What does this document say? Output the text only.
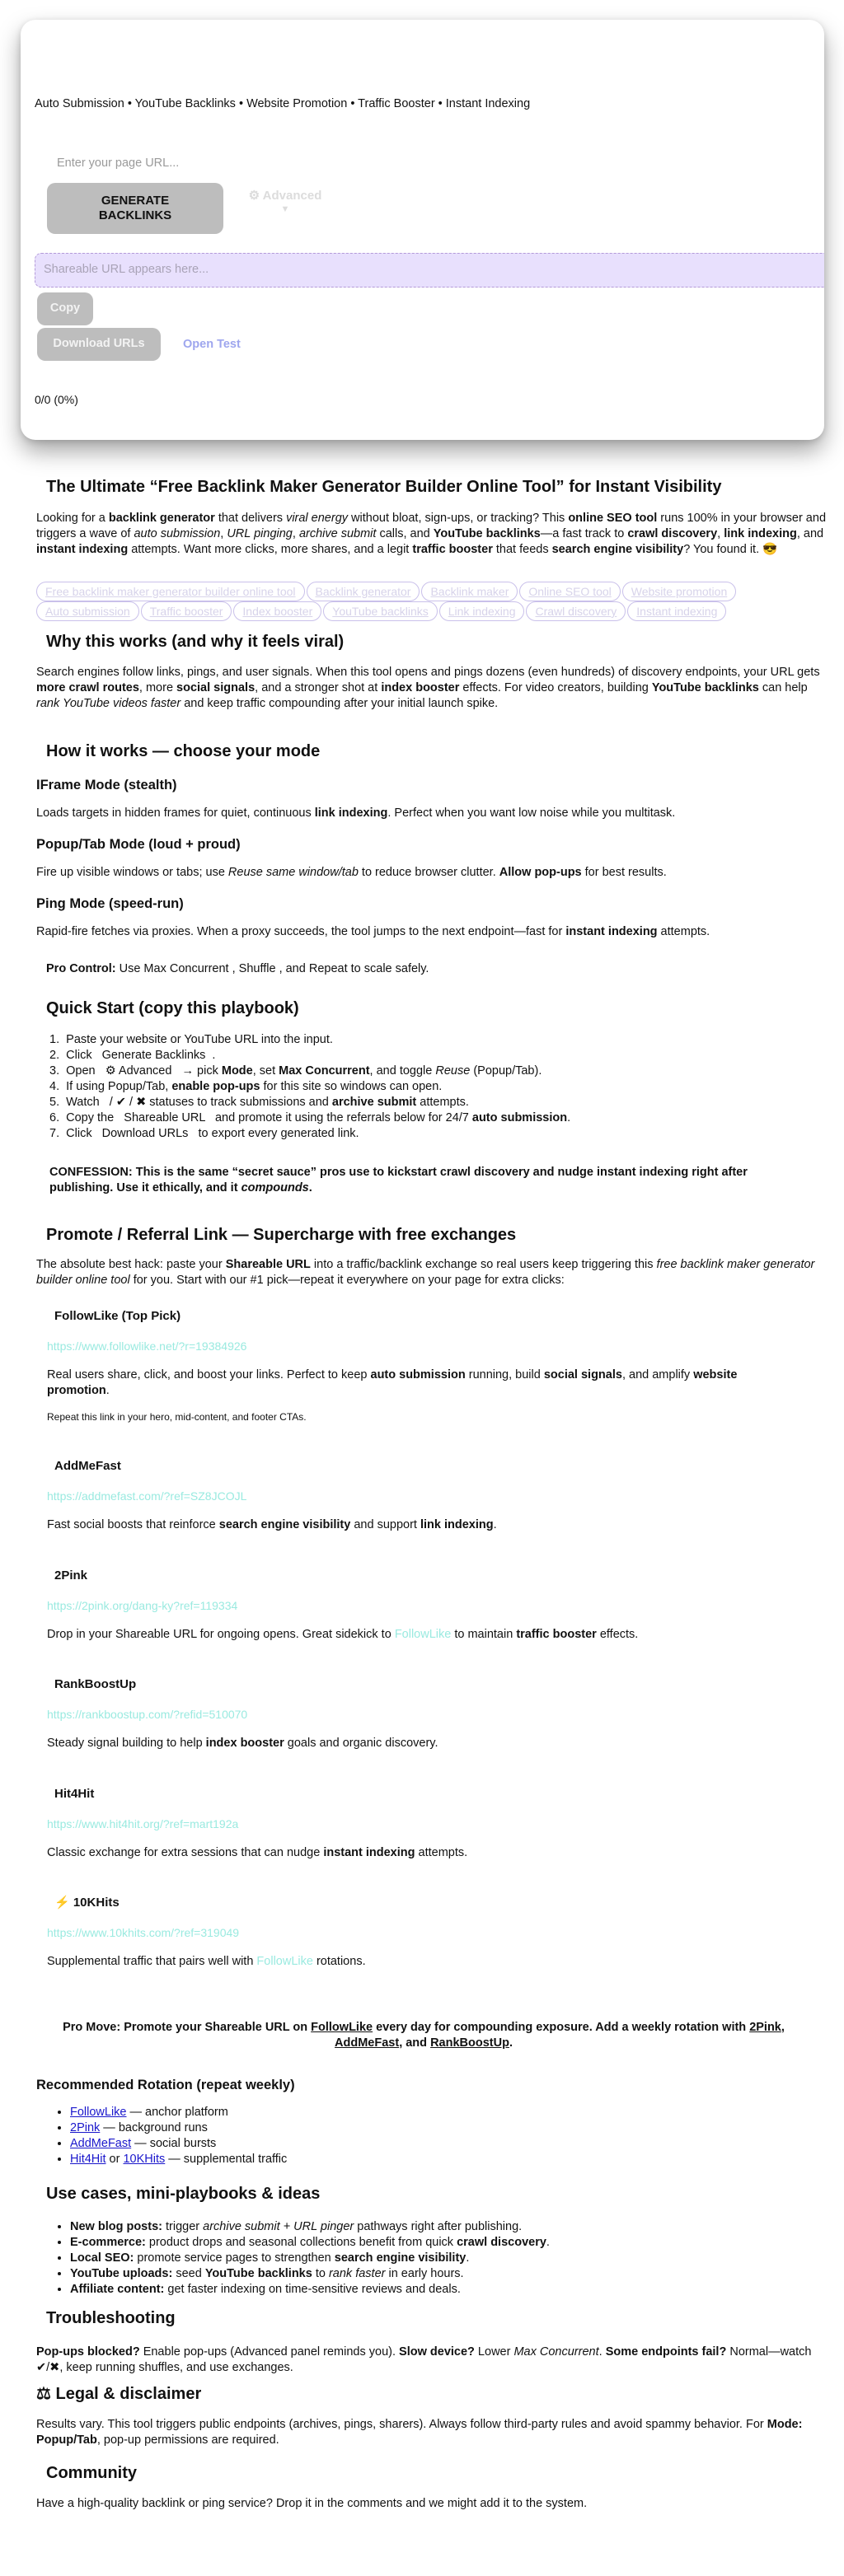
Auto Submission • YouTube Backlinks • Website Promotion • Traffic Booster • Instant Indexing
Enter your page URL...
GENERATE BACKLINKS
⚙ Advanced
▼
Shareable URL appears here...
Copy
Download URLs	Open Test
0/0 (0%)
The Ultimate “Free Backlink Maker Generator Builder Online Tool” for Instant Visibility

Looking for a backlink generator that delivers viral energy without bloat, sign-ups, or tracking? This online SEO tool runs 100% in your browser and triggers a wave of auto submission, URL pinging, archive submit calls, and YouTube backlinks—a fast track to crawl discovery, link indexing, and instant indexing attempts. Want more clicks, more shares, and a legit traffic booster that feeds search engine visibility? You found it. 😎

Free backlink maker generator builder online tool Backlink generator Backlink maker Online SEO tool Website promotionAuto submission Traffic booster Index booster YouTube backlinks Link indexing Crawl discovery Instant indexing
Why this works (and why it feels viral)

Search engines follow links, pings, and user signals. When this tool opens and pings dozens (even hundreds) of discovery endpoints, your URL gets more crawl routes, more social signals, and a stronger shot at index booster effects. For video creators, building YouTube backlinks can help rank YouTube videos faster and keep traffic compounding after your initial launch spike.

How it works — choose your mode
IFrame Mode (stealth)

Loads targets in hidden frames for quiet, continuous link indexing. Perfect when you want low noise while you multitask.

Popup/Tab Mode (loud + proud)

Fire up visible windows or tabs; use Reuse same window/tab to reduce browser clutter. Allow pop-ups for best results.

Ping Mode (speed-run)

Rapid-fire fetches via proxies. When a proxy succeeds, the tool jumps to the next endpoint—fast for instant indexing attempts.

Pro Control: Use Max Concurrent , Shuffle , and Repeat to scale safely.

Quick Start (copy this playbook)
1.  Paste your website or YouTube URL into the input.
2.  Click   Generate Backlinks  .
3.  Open   ⚙ Advanced   → pick Mode, set Max Concurrent, and toggle Reuse (Popup/Tab).
4.  If using Popup/Tab, enable pop-ups for this site so windows can open.
5.  Watch   / ✔ / ✖ statuses to track submissions and archive submit attempts.
6.  Copy the   Shareable URL   and promote it using the referrals below for 24/7 auto submission.
7.  Click   Download URLs   to export every generated link.

CONFESSION: This is the same “secret sauce” pros use to kickstart crawl discovery and nudge instant indexing right after publishing. Use it ethically, and it compounds.

Promote / Referral Link — Supercharge with free exchanges

The absolute best hack: paste your Shareable URL into a traffic/backlink exchange so real users keep triggering this free backlink maker generator builder online tool for you. Start with our #1 pick—repeat it everywhere on your page for extra clicks:

FollowLike (Top Pick)
https://www.followlike.net/?r=19384926

Real users share, click, and boost your links. Perfect to keep auto submission running, build social signals, and amplify website promotion.

Repeat this link in your hero, mid-content, and footer CTAs.

AddMeFast
https://addmefast.com/?ref=SZ8JCOJL

Fast social boosts that reinforce search engine visibility and support link indexing.

2Pink
https://2pink.org/dang-ky?ref=119334

Drop in your Shareable URL for ongoing opens. Great sidekick to FollowLike to maintain traffic booster effects.

RankBoostUp
https://rankboostup.com/?refid=510070

Steady signal building to help index booster goals and organic discovery.

Hit4Hit
https://www.hit4hit.org/?ref=mart192a

Classic exchange for extra sessions that can nudge instant indexing attempts.

⚡ 10KHits
https://www.10khits.com/?ref=319049

Supplemental traffic that pairs well with FollowLike rotations.

Pro Move: Promote your Shareable URL on FollowLike every day for compounding exposure. Add a weekly rotation with 2Pink, AddMeFast, and RankBoostUp.

Recommended Rotation (repeat weekly)
• FollowLike — anchor platform
• 2Pink — background runs
• AddMeFast — social bursts
• Hit4Hit or 10KHits — supplemental traffic
Use cases, mini-playbooks & ideas
• New blog posts: trigger archive submit + URL pinger pathways right after publishing.
• E-commerce: product drops and seasonal collections benefit from quick crawl discovery.
• Local SEO: promote service pages to strengthen search engine visibility.
• YouTube uploads: seed YouTube backlinks to rank faster in early hours.
• Affiliate content: get faster indexing on time-sensitive reviews and deals.
Troubleshooting

Pop-ups blocked? Enable pop-ups (Advanced panel reminds you). Slow device? Lower Max Concurrent. Some endpoints fail? Normal—watch ✔/✖, keep running shuffles, and use exchanges.

⚖ Legal & disclaimer

Results vary. This tool triggers public endpoints (archives, pings, sharers). Always follow third-party rules and avoid spammy behavior. For Mode: Popup/Tab, pop-up permissions are required.

Community

Have a high-quality backlink or ping service? Drop it in the comments and we might add it to the system.
